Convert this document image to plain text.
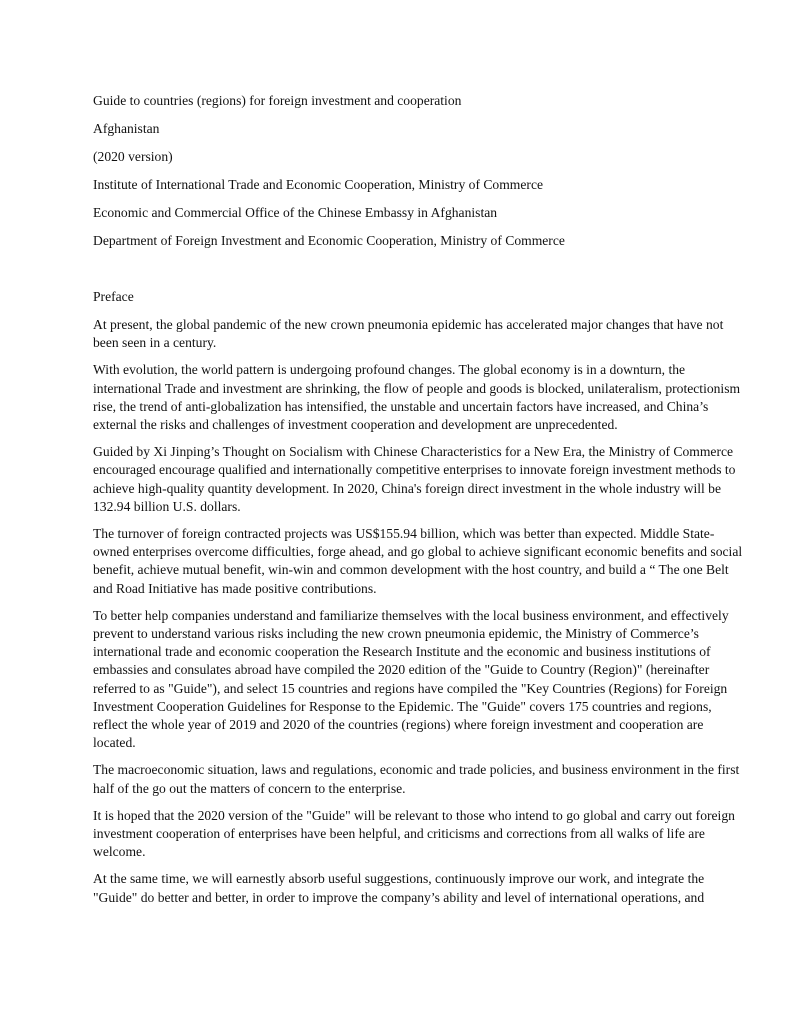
Guide to countries (regions) for foreign investment and cooperation
Afghanistan
(2020 version)
Institute of International Trade and Economic Cooperation, Ministry of Commerce
Economic and Commercial Office of the Chinese Embassy in Afghanistan
Department of Foreign Investment and Economic Cooperation, Ministry of Commerce
Preface

At present, the global pandemic of the new crown pneumonia epidemic has accelerated major changes that have not been seen in a century.

With evolution, the world pattern is undergoing profound changes. The global economy is in a downturn, the international Trade and investment are shrinking, the flow of people and goods is blocked, unilateralism, protectionism rise, the trend of anti-globalization has intensified, the unstable and uncertain factors have increased, and China’s external the risks and challenges of investment cooperation and development are unprecedented.

Guided by Xi Jinping’s Thought on Socialism with Chinese Characteristics for a New Era, the Ministry of Commerce encouraged encourage qualified and internationally competitive enterprises to innovate foreign investment methods to achieve high-quality quantity development. In 2020, China's foreign direct investment in the whole industry will be 132.94 billion U.S. dollars.

The turnover of foreign contracted projects was US$155.94 billion, which was better than expected. Middle State-owned enterprises overcome difficulties, forge ahead, and go global to achieve significant economic benefits and social benefit, achieve mutual benefit, win-win and common development with the host country, and build a “ The one Belt and Road Initiative has made positive contributions.

To better help companies understand and familiarize themselves with the local business environment, and effectively prevent to understand various risks including the new crown pneumonia epidemic, the Ministry of Commerce’s international trade and economic cooperation the Research Institute and the economic and business institutions of embassies and consulates abroad have compiled the 2020 edition of the "Guide to Country (Region)" (hereinafter referred to as "Guide"), and select 15 countries and regions have compiled the "Key Countries (Regions) for Foreign Investment Cooperation Guidelines for Response to the Epidemic. The "Guide" covers 175 countries and regions, reflect the whole year of 2019 and 2020 of the countries (regions) where foreign investment and cooperation are located.

The macroeconomic situation, laws and regulations, economic and trade policies, and business environment in the first half of the go out the matters of concern to the enterprise.

It is hoped that the 2020 version of the "Guide" will be relevant to those who intend to go global and carry out foreign investment cooperation of enterprises have been helpful, and criticisms and corrections from all walks of life are welcome.

At the same time, we will earnestly absorb useful suggestions, continuously improve our work, and integrate the "Guide" do better and better, in order to improve the company’s ability and level of international operations, and
